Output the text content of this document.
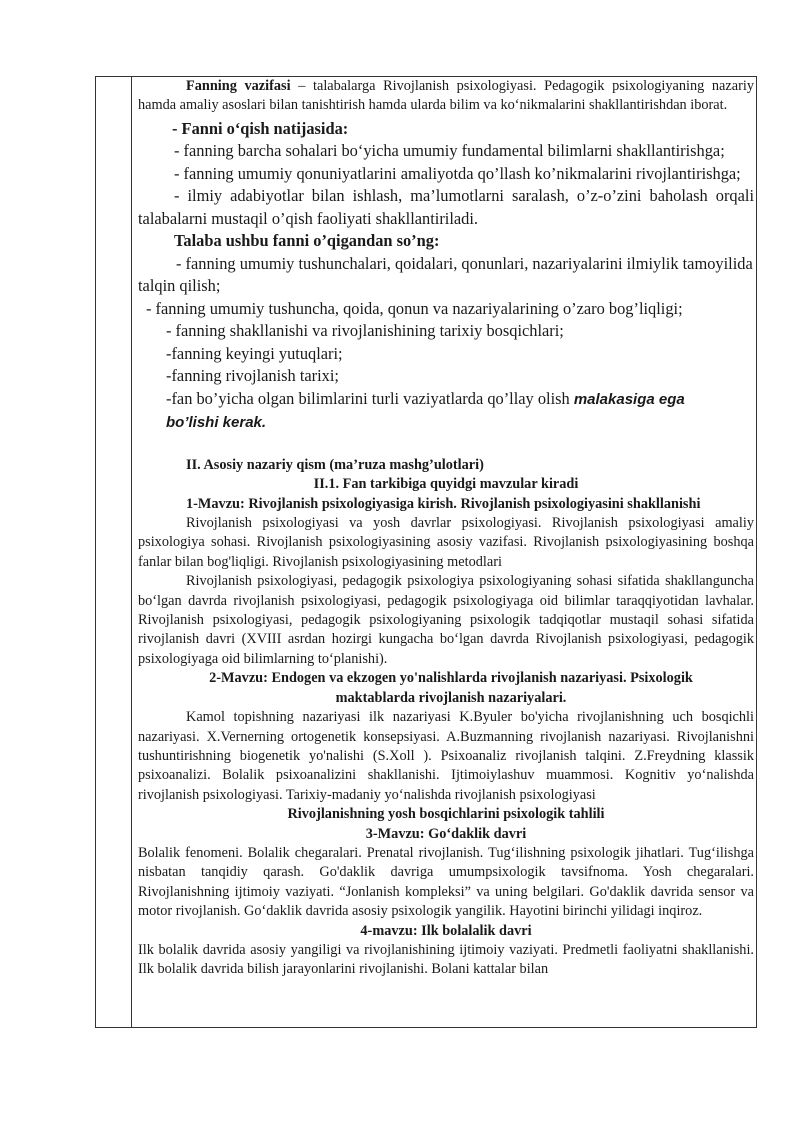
Fanning vazifasi – talabalarga Rivojlanish psixologiyasi. Pedagogik psixologiyaning nazariy hamda amaliy asoslari bilan tanishtirish hamda ularda bilim va ko‘nikmalarini shakllantirishdan iborat.

- Fanni o‘qish natijasida:

- fanning barcha sohalari bo‘yicha umumiy fundamental bilimlarni shakllantirishga;

- fanning umumiy qonuniyatlarini amaliyotda qo’llash ko’nikmalarini rivojlantirishga;

- ilmiy adabiyotlar bilan ishlash, ma’lumotlarni saralash, o’z-o’zini baholash orqali talabalarni mustaqil o’qish faoliyati shakllantiriladi.

Talaba ushbu fanni o’qigandan so’ng:

- fanning umumiy tushunchalari, qoidalari, qonunlari, nazariyalarini ilmiylik tamoyilida talqin qilish;

- fanning umumiy tushuncha, qoida, qonun va nazariyalarining o’zaro bog’liqligi;

- fanning shakllanishi va rivojlanishining tarixiy bosqichlari;

-fanning keyingi yutuqlari;

-fanning rivojlanish tarixi;

-fan bo’yicha olgan bilimlarini turli vaziyatlarda qo’llay olish malakasiga ega bo’lishi kerak.

II. Asosiy nazariy qism (ma’ruza mashg’ulotlari)

II.1. Fan tarkibiga quyidgi mavzular kiradi

1-Mavzu: Rivojlanish psixologiyasiga kirish. Rivojlanish psixologiyasini shakllanishi

Rivojlanish psixologiyasi va yosh davrlar psixologiyasi. Rivojlanish psixologiyasi amaliy psixologiya sohasi. Rivojlanish psixologiyasining asosiy vazifasi. Rivojlanish psixologiyasining boshqa fanlar bilan bog'liqligi. Rivojlanish psixologiyasining metodlari

Rivojlanish psixologiyasi, pedagogik psixologiya psixologiyaning sohasi sifatida shakllanguncha bo‘lgan davrda rivojlanish psixologiyasi, pedagogik psixologiyaga oid bilimlar taraqqiyotidan lavhalar. Rivojlanish psixologiyasi, pedagogik psixologiyaning psixologik tadqiqotlar mustaqil sohasi sifatida rivojlanish davri (XVIII asrdan hozirgi kungacha bo‘lgan davrda Rivojlanish psixologiyasi, pedagogik psixologiyaga oid bilimlarning to‘planishi).

2-Mavzu: Endogen va ekzogen yo'nalishlarda rivojlanish nazariyasi. Psixologik maktablarda rivojlanish nazariyalari.

Kamol topishning nazariyasi ilk nazariyasi K.Byuler bo'yicha rivojlanishning uch bosqichli nazariyasi. X.Vernerning ortogenetik konsepsiyasi. A.Buzmanning rivojlanish nazariyasi. Rivojlanishni tushuntirishning biogenetik yo'nalishi (S.Xoll ). Psixoanaliz rivojlanish talqini. Z.Freydning klassik psixoanalizi. Bolalik psixoanalizini shakllanishi. Ijtimoiylashuv muammosi. Kognitiv yo‘nalishda rivojlanish psixologiyasi. Tarixiy-madaniy yo‘nalishda rivojlanish psixologiyasi

Rivojlanishning yosh bosqichlarini psixologik tahlili

3-Mavzu: Go‘daklik davri

Bolalik fenomeni. Bolalik chegaralari. Prenatal rivojlanish. Tug‘ilishning psixologik jihatlari. Tug‘ilishga nisbatan tanqidiy qarash. Go'daklik davriga umumpsixologik tavsifnoma. Yosh chegaralari. Rivojlanishning ijtimoiy vaziyati. “Jonlanish kompleksi” va uning belgilari. Go'daklik davrida sensor va motor rivojlanish. Go‘daklik davrida asosiy psixologik yangilik. Hayotini birinchi yilidagi inqiroz.

4-mavzu: Ilk bolalalik davri

Ilk bolalik davrida asosiy yangiligi va rivojlanishining ijtimoiy vaziyati. Predmetli faoliyatni shakllanishi. Ilk bolalik davrida bilish jarayonlarini rivojlanishi. Bolani kattalar bilan
